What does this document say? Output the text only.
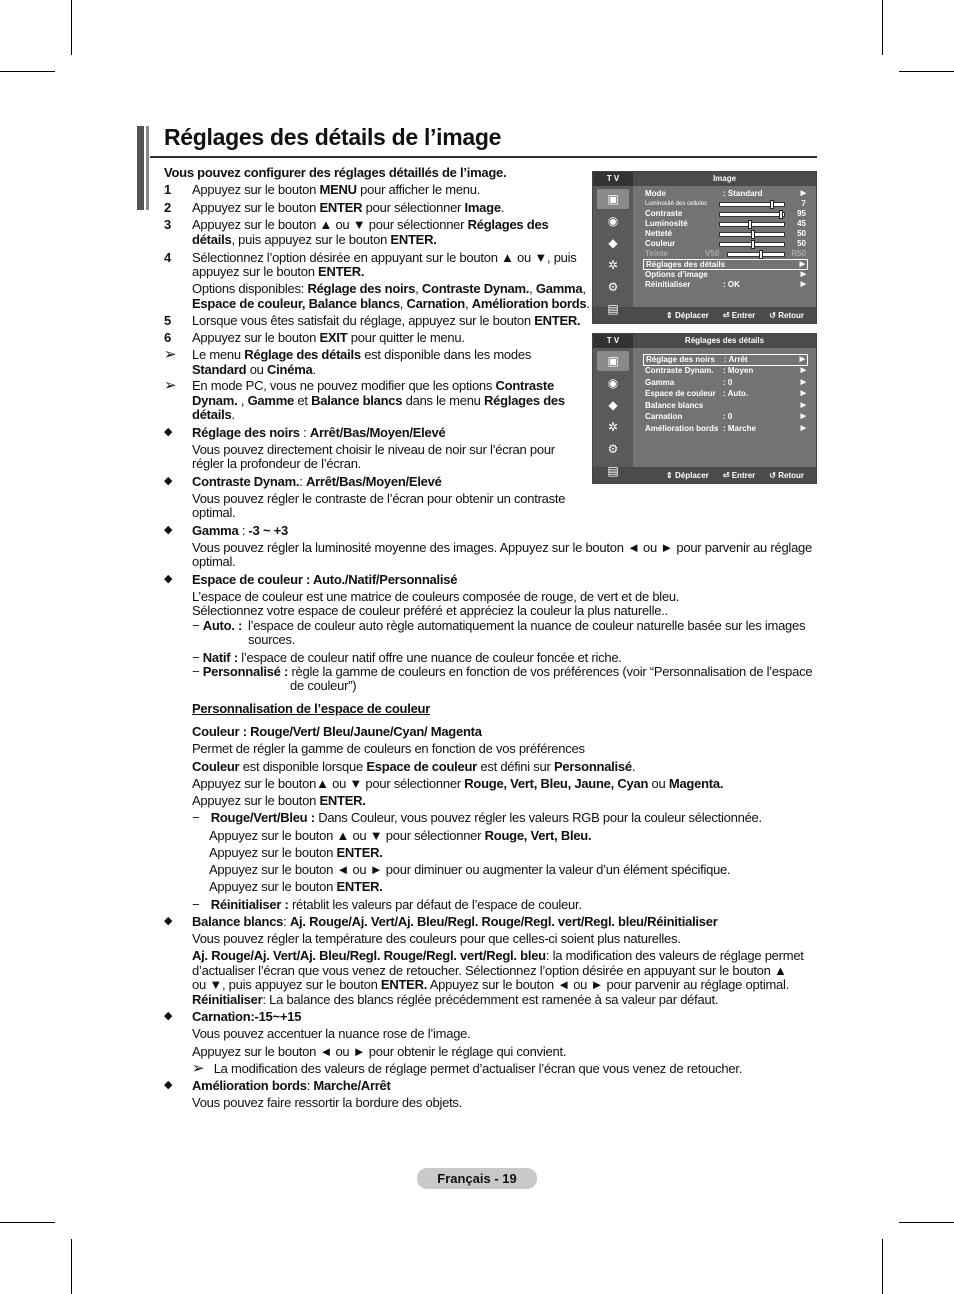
Réglages des détails de l’image
Vous pouvez configurer des réglages détaillés de l’image.
1 Appuyez sur le bouton MENU pour afficher le menu.
2 Appuyez sur le bouton ENTER pour sélectionner Image.
3 Appuyez sur le bouton ▲ ou ▼ pour sélectionner Réglages des
détails, puis appuyez sur le bouton ENTER.
4 Sélectionnez l’option désirée en appuyant sur le bouton ▲ ou ▼, puis
appuyez sur le bouton ENTER.
Options disponibles: Réglage des noirs, Contraste Dynam., Gamma,
Espace de couleur, Balance blancs, Carnation, Amélioration bords.
5 Lorsque vous êtes satisfait du réglage, appuyez sur le bouton ENTER.
6 Appuyez sur le bouton EXIT pour quitter le menu.
➢ Le menu Réglage des détails est disponible dans les modes
Standard ou Cinéma.
➢ En mode PC, vous ne pouvez modifier que les options Contraste
Dynam. , Gamme et Balance blancs dans le menu Réglages des
détails.
◆ Réglage des noirs : Arrêt/Bas/Moyen/Elevé
Vous pouvez directement choisir le niveau de noir sur l’écran pour
régler la profondeur de l’écran.
◆ Contraste Dynam.: Arrêt/Bas/Moyen/Elevé
Vous pouvez régler le contraste de l’écran pour obtenir un contraste
optimal.
◆ Gamma : -3 ~ +3
Vous pouvez régler la luminosité moyenne des images. Appuyez sur le bouton ◄ ou ► pour parvenir au réglage
optimal.
◆ Espace de couleur : Auto./Natif/Personnalisé
L’espace de couleur est une matrice de couleurs composée de rouge, de vert et de bleu.
Sélectionnez votre espace de couleur préféré et appréciez la couleur la plus naturelle..
− Auto. : l’espace de couleur auto règle automatiquement la nuance de couleur naturelle basée sur les images
sources.
− Natif : l’espace de couleur natif offre une nuance de couleur foncée et riche.
− Personnalisé : règle la gamme de couleurs en fonction de vos préférences (voir “Personnalisation de l’espace
de couleur”)
Personnalisation de l’espace de couleur
Couleur : Rouge/Vert/ Bleu/Jaune/Cyan/ Magenta
Permet de régler la gamme de couleurs en fonction de vos préférences
Couleur est disponible lorsque Espace de couleur est défini sur Personnalisé.
Appuyez sur le bouton▲ ou ▼ pour sélectionner Rouge, Vert, Bleu, Jaune, Cyan ou Magenta.
Appuyez sur le bouton ENTER.
− Rouge/Vert/Bleu : Dans Couleur, vous pouvez régler les valeurs RGB pour la couleur sélectionnée.
Appuyez sur le bouton ▲ ou ▼ pour sélectionner Rouge, Vert, Bleu.
Appuyez sur le bouton ENTER.
Appuyez sur le bouton ◄ ou ► pour diminuer ou augmenter la valeur d’un élément spécifique.
Appuyez sur le bouton ENTER.
− Réinitialiser : rétablit les valeurs par défaut de l’espace de couleur.
◆ Balance blancs: Aj. Rouge/Aj. Vert/Aj. Bleu/Regl. Rouge/Regl. vert/Regl. bleu/Réinitialiser
Vous pouvez régler la température des couleurs pour que celles-ci soient plus naturelles.
Aj. Rouge/Aj. Vert/Aj. Bleu/Regl. Rouge/Regl. vert/Regl. bleu: la modification des valeurs de réglage permet
d’actualiser l’écran que vous venez de retoucher. Sélectionnez l’option désirée en appuyant sur le bouton ▲
ou ▼, puis appuyez sur le bouton ENTER. Appuyez sur le bouton ◄ ou ► pour parvenir au réglage optimal.
Réinitialiser: La balance des blancs réglée précédemment est ramenée à sa valeur par défaut.
◆ Carnation:-15~+15
Vous pouvez accentuer la nuance rose de l’image.
Appuyez sur le bouton ◄ ou ► pour obtenir le réglage qui convient.
➢ La modification des valeurs de réglage permet d’actualiser l’écran que vous venez de retoucher.
◆ Amélioration bords: Marche/Arrêt
Vous pouvez faire ressortir la bordure des objets.
T V	Image
▣
◉
◆
✲
⚙
▤
Mode	: Standard	▶
Luminosité des cellules	7
Contraste	95
Luminosité	45
Netteté	50
Couleur	50
Teinte	V50	R50
Réglages des détails	▶
Options d’image	▶
Réinitialiser	: OK	▶
⇕ Déplacer ⏎ Entrer ↺ Retour
T V	Réglages des détails
▣
◉
◆
✲
⚙
▤
Réglage des noirs : Arrêt	▶
Contraste Dynam. : Moyen	▶
Gamma	: 0	▶
Espace de couleur : Auto.	▶
Balance blancs	▶
Carnation	: 0	▶
Amélioration bords : Marche	▶
⇕ Déplacer ⏎ Entrer ↺ Retour
Français - 19
